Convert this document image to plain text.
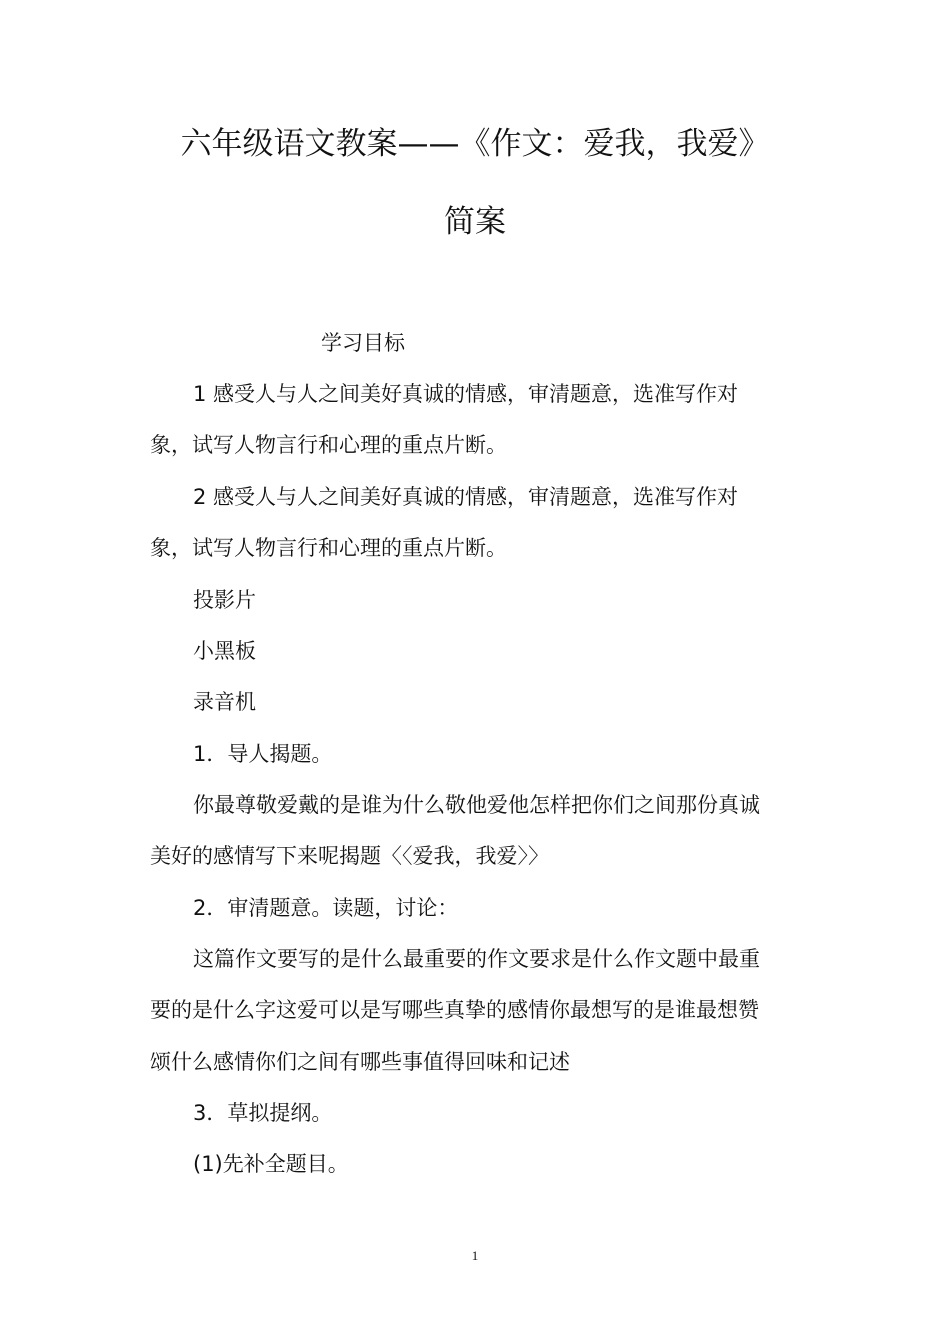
六年级语文教案——《作文：爱我，我爱》
简案
学习目标
1 感受人与人之间美好真诚的情感，审清题意，选准写作对
象，试写人物言行和心理的重点片断。
2 感受人与人之间美好真诚的情感，审清题意，选准写作对
象，试写人物言行和心理的重点片断。
投影片
小黑板
录音机
1．导人揭题。
你最尊敬爱戴的是谁为什么敬他爱他怎样把你们之间那份真诚
美好的感情写下来呢揭题〈〈爱我，我爱〉〉
2．审清题意。读题，讨论：
这篇作文要写的是什么最重要的作文要求是什么作文题中最重
要的是什么字这爱可以是写哪些真挚的感情你最想写的是谁最想赞
颂什么感情你们之间有哪些事值得回味和记述
3．草拟提纲。
(1)先补全题目。
1
